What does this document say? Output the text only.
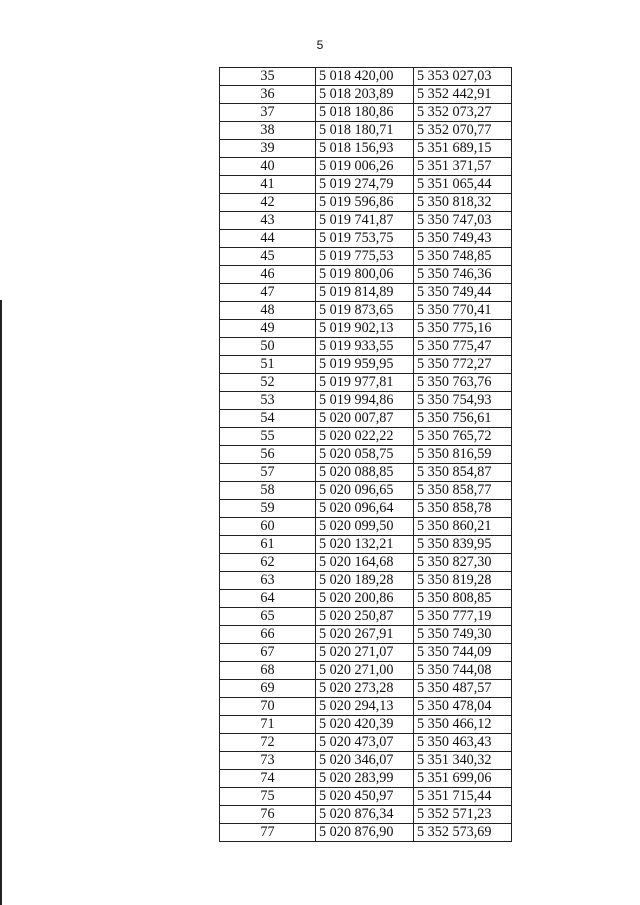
5
35	5 018 420,00	5 353 027,03
36	5 018 203,89	5 352 442,91
37	5 018 180,86	5 352 073,27
38	5 018 180,71	5 352 070,77
39	5 018 156,93	5 351 689,15
40	5 019 006,26	5 351 371,57
41	5 019 274,79	5 351 065,44
42	5 019 596,86	5 350 818,32
43	5 019 741,87	5 350 747,03
44	5 019 753,75	5 350 749,43
45	5 019 775,53	5 350 748,85
46	5 019 800,06	5 350 746,36
47	5 019 814,89	5 350 749,44
48	5 019 873,65	5 350 770,41
49	5 019 902,13	5 350 775,16
50	5 019 933,55	5 350 775,47
51	5 019 959,95	5 350 772,27
52	5 019 977,81	5 350 763,76
53	5 019 994,86	5 350 754,93
54	5 020 007,87	5 350 756,61
55	5 020 022,22	5 350 765,72
56	5 020 058,75	5 350 816,59
57	5 020 088,85	5 350 854,87
58	5 020 096,65	5 350 858,77
59	5 020 096,64	5 350 858,78
60	5 020 099,50	5 350 860,21
61	5 020 132,21	5 350 839,95
62	5 020 164,68	5 350 827,30
63	5 020 189,28	5 350 819,28
64	5 020 200,86	5 350 808,85
65	5 020 250,87	5 350 777,19
66	5 020 267,91	5 350 749,30
67	5 020 271,07	5 350 744,09
68	5 020 271,00	5 350 744,08
69	5 020 273,28	5 350 487,57
70	5 020 294,13	5 350 478,04
71	5 020 420,39	5 350 466,12
72	5 020 473,07	5 350 463,43
73	5 020 346,07	5 351 340,32
74	5 020 283,99	5 351 699,06
75	5 020 450,97	5 351 715,44
76	5 020 876,34	5 352 571,23
77	5 020 876,90	5 352 573,69
